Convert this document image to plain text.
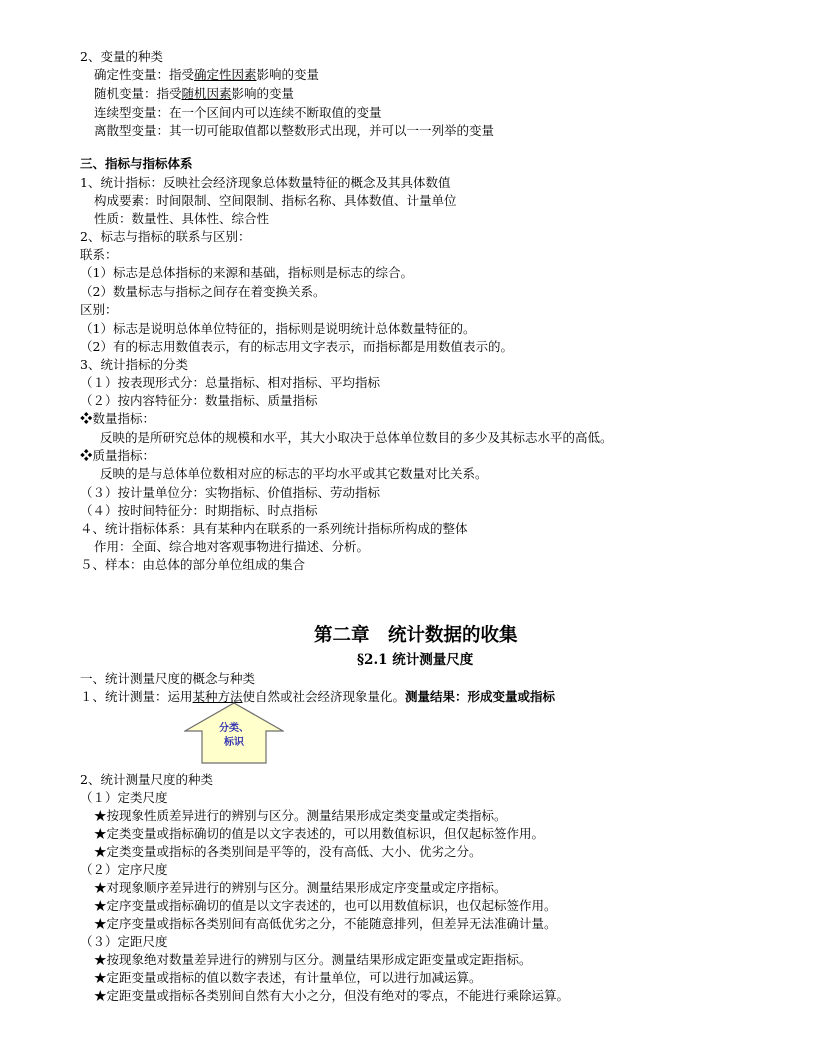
2、变量的种类
确定性变量：指受确定性因素影响的变量
随机变量：指受随机因素影响的变量
连续型变量：在一个区间内可以连续不断取值的变量
离散型变量：其一切可能取值都以整数形式出现，并可以一一列举的变量
三、指标与指标体系
1、统计指标：反映社会经济现象总体数量特征的概念及其具体数值
构成要素：时间限制、空间限制、指标名称、具体数值、计量单位
性质：数量性、具体性、综合性
2、标志与指标的联系与区别：
联系：
（1）标志是总体指标的来源和基础，指标则是标志的综合。
（2）数量标志与指标之间存在着变换关系。
区别：
（1）标志是说明总体单位特征的，指标则是说明统计总体数量特征的。
（2）有的标志用数值表示，有的标志用文字表示，而指标都是用数值表示的。
3、统计指标的分类
（１）按表现形式分：总量指标、相对指标、平均指标
（２）按内容特征分：数量指标、质量指标
❖数量指标：
反映的是所研究总体的规模和水平，其大小取决于总体单位数目的多少及其标志水平的高低。
❖质量指标：
反映的是与总体单位数相对应的标志的平均水平或其它数量对比关系。
（３）按计量单位分：实物指标、价值指标、劳动指标
（４）按时间特征分：时期指标、时点指标
４、统计指标体系：具有某种内在联系的一系列统计指标所构成的整体
作用：全面、综合地对客观事物进行描述、分析。
５、样本：由总体的部分单位组成的集合
第二章　统计数据的收集
§2.1 统计测量尺度
一、统计测量尺度的概念与种类
１、统计测量：运用某种方法使自然或社会经济现象量化。测量结果：形成变量或指标
分类、
标识
2、统计测量尺度的种类
（１）定类尺度
★按现象性质差异进行的辨别与区分。测量结果形成定类变量或定类指标。
★定类变量或指标确切的值是以文字表述的，可以用数值标识，但仅起标签作用。
★定类变量或指标的各类别间是平等的，没有高低、大小、优劣之分。
（２）定序尺度
★对现象顺序差异进行的辨别与区分。测量结果形成定序变量或定序指标。
★定序变量或指标确切的值是以文字表述的，也可以用数值标识，也仅起标签作用。
★定序变量或指标各类别间有高低优劣之分，不能随意排列，但差异无法准确计量。
（３）定距尺度
★按现象绝对数量差异进行的辨别与区分。测量结果形成定距变量或定距指标。
★定距变量或指标的值以数字表述，有计量单位，可以进行加减运算。
★定距变量或指标各类别间自然有大小之分，但没有绝对的零点，不能进行乘除运算。
